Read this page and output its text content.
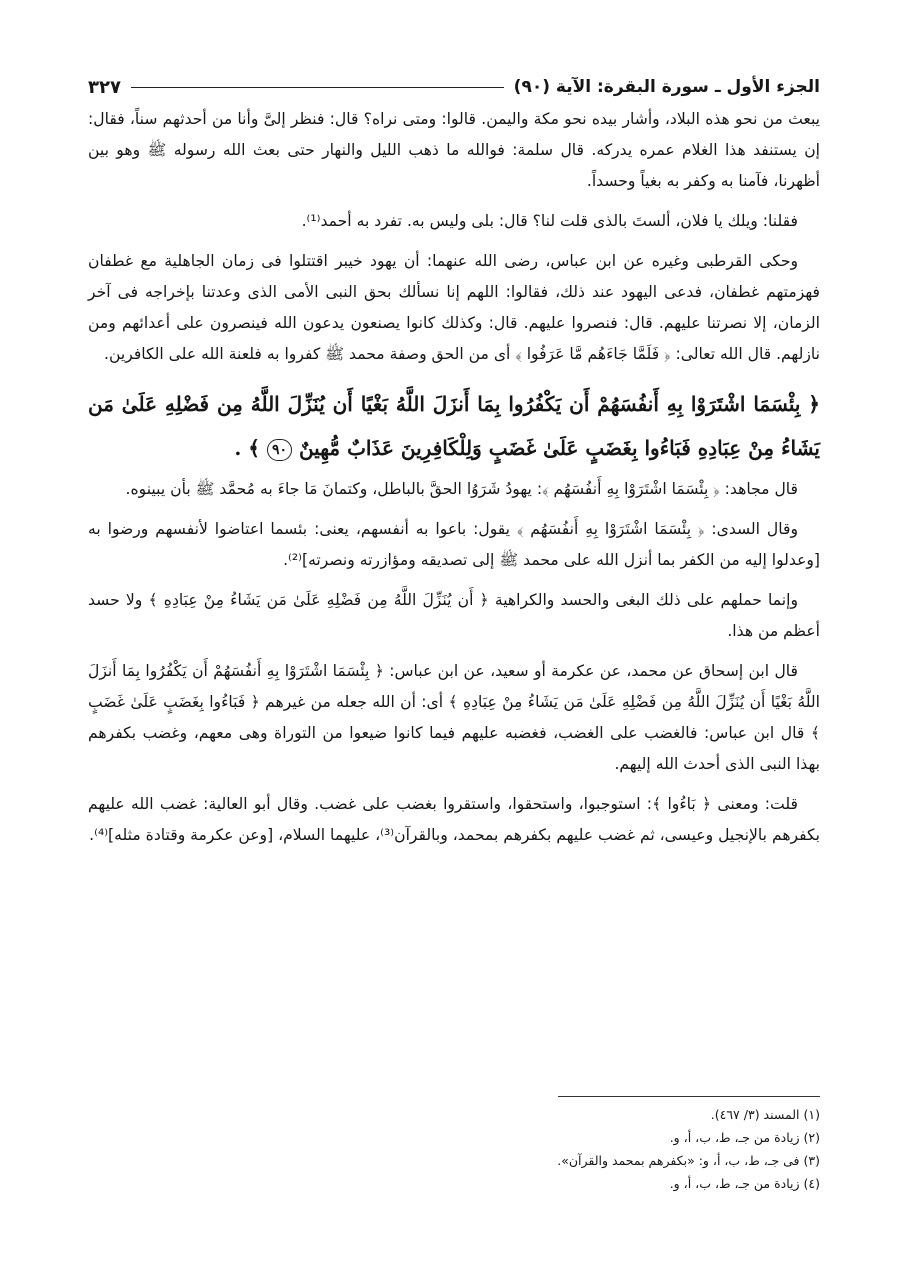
الجزء الأول ـ سورة البقرة: الآية (٩٠)
٣٢٧

يبعث من نحو هذه البلاد، وأشار بيده نحو مكة واليمن. قالوا: ومتى نراه؟ قال: فنظر إلىَّ وأنا من أحدثهم سناً، فقال: إن يستنفد هذا الغلام عمره يدركه. قال سلمة: فوالله ما ذهب الليل والنهار حتى بعث الله رسوله ﷺ وهو بين أظهرنا، فآمنا به وكفر به بغياً وحسداً.

فقلنا: ويلك يا فلان، ألستَ بالذى قلت لنا؟ قال: بلى وليس به. تفرد به أحمد⁽¹⁾.

وحكى القرطبى وغيره عن ابن عباس، رضى الله عنهما: أن يهود خيبر اقتتلوا فى زمان الجاهلية مع غطفان فهزمتهم غطفان، فدعى اليهود عند ذلك، فقالوا: اللهم إنا نسألك بحق النبى الأمى الذى وعدتنا بإخراجه فى آخر الزمان، إلا نصرتنا عليهم. قال: فنصروا عليهم. قال: وكذلك كانوا يصنعون يدعون الله فينصرون على أعدائهم ومن نازلهم. قال الله تعالى: ﴿ فَلَمَّا جَاءَهُم مَّا عَرَفُوا ﴾ أى من الحق وصفة محمد ﷺ كفروا به فلعنة الله على الكافرين.

﴿ بِئْسَمَا اشْتَرَوْا بِهِ أَنفُسَهُمْ أَن يَكْفُرُوا بِمَا أَنزَلَ اللَّهُ بَغْيًا أَن يُنَزِّلَ اللَّهُ مِن فَضْلِهِ عَلَىٰ مَن يَشَاءُ مِنْ عِبَادِهِ فَبَاءُوا بِغَضَبٍ عَلَىٰ غَضَبٍ وَلِلْكَافِرِينَ عَذَابٌ مُّهِينٌ ٩٠ ﴾ .

قال مجاهد: ﴿ بِئْسَمَا اشْتَرَوْا بِهِ أَنفُسَهُم ﴾: يهودُ شَرَوُا الحقَّ بالباطل، وكتمانَ مَا جاءَ به مُحمَّد ﷺ بأن يبينوه.

وقال السدى: ﴿ بِئْسَمَا اشْتَرَوْا بِهِ أَنفُسَهُم ﴾ يقول: باعوا به أنفسهم، يعنى: بئسما اعتاضوا لأنفسهم ورضوا به [وعدلوا إليه من الكفر بما أنزل الله على محمد ﷺ إلى تصديقه ومؤازرته ونصرته]⁽²⁾.

وإنما حملهم على ذلك البغى والحسد والكراهية ﴿ أَن يُنَزِّلَ اللَّهُ مِن فَضْلِهِ عَلَىٰ مَن يَشَاءُ مِنْ عِبَادِهِ ﴾ ولا حسد أعظم من هذا.

قال ابن إسحاق عن محمد، عن عكرمة أو سعيد، عن ابن عباس: ﴿ بِئْسَمَا اشْتَرَوْا بِهِ أَنفُسَهُمْ أَن يَكْفُرُوا بِمَا أَنزَلَ اللَّهُ بَغْيًا أَن يُنَزِّلَ اللَّهُ مِن فَضْلِهِ عَلَىٰ مَن يَشَاءُ مِنْ عِبَادِهِ ﴾ أى: أن الله جعله من غيرهم ﴿ فَبَاءُوا بِغَضَبٍ عَلَىٰ غَضَبٍ ﴾ قال ابن عباس: فالغضب على الغضب، فغضبه عليهم فيما كانوا ضيعوا من التوراة وهى معهم، وغضب بكفرهم بهذا النبى الذى أحدث الله إليهم.

قلت: ومعنى ﴿ بَاءُوا ﴾: استوجبوا، واستحقوا، واستقروا بغضب على غضب. وقال أبو العالية: غضب الله عليهم بكفرهم بالإنجيل وعيسى، ثم غضب عليهم بكفرهم بمحمد، وبالقرآن⁽³⁾، عليهما السلام، [وعن عكرمة وقتادة مثله]⁽⁴⁾.

(١) المسند (٣/ ٤٦٧).
(٢) زيادة من جـ، ط، ب، أ، و.
(٣) فى جـ، ط، ب، أ، و: «بكفرهم بمحمد والقرآن».
(٤) زيادة من جـ، ط، ب، أ، و.
